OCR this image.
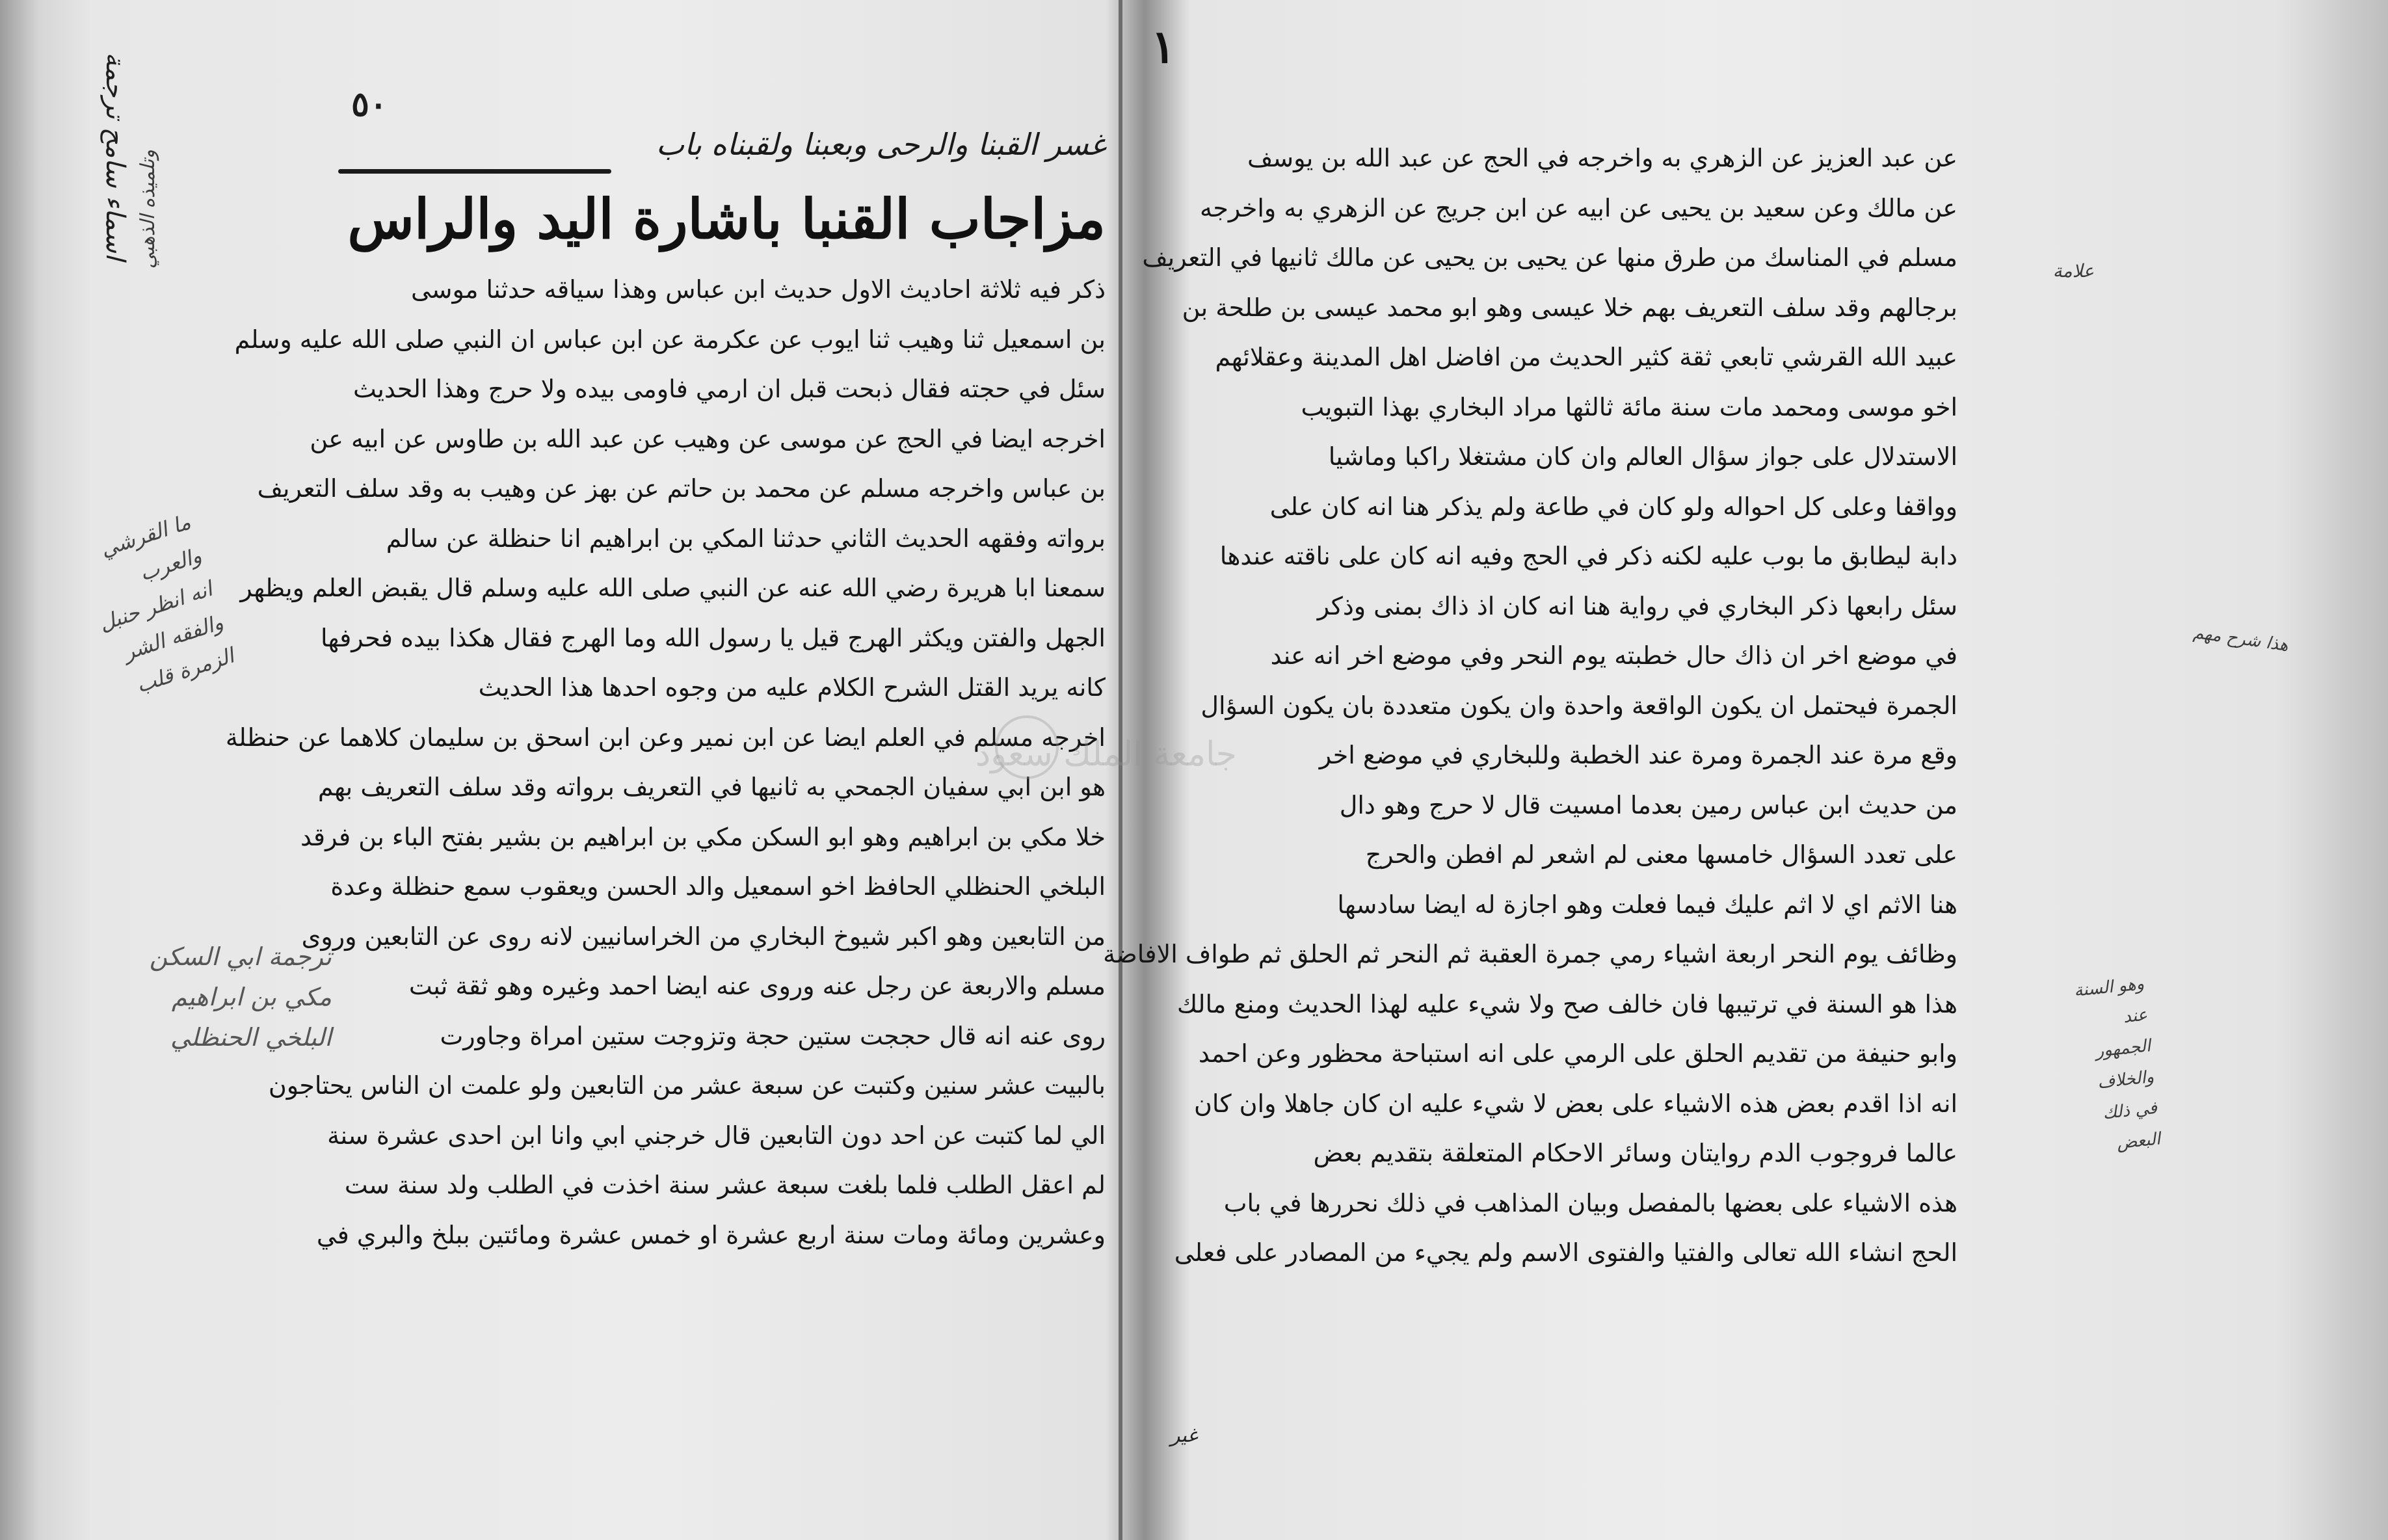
١
٥٠
غسر القبنا والرحى وبعبنا ولقبناه باب
مزاجاب القنبا باشارة اليد والراس
ذكر فيه ثلاثة احاديث الاول حديث ابن عباس وهذا سياقه حدثنا موسى
بن اسمعيل ثنا وهيب ثنا ايوب عن عكرمة عن ابن عباس ان النبي صلى الله عليه وسلم
سئل في حجته فقال ذبحت قبل ان ارمي فاومى بيده ولا حرج وهذا الحديث
اخرجه ايضا في الحج عن موسى عن وهيب عن عبد الله بن طاوس عن ابيه عن
بن عباس واخرجه مسلم عن محمد بن حاتم عن بهز عن وهيب به وقد سلف التعريف
برواته وفقهه الحديث الثاني حدثنا المكي بن ابراهيم انا حنظلة عن سالم
سمعنا ابا هريرة رضي الله عنه عن النبي صلى الله عليه وسلم قال يقبض العلم ويظهر
الجهل والفتن ويكثر الهرج قيل يا رسول الله وما الهرج فقال هكذا بيده فحرفها
كانه يريد القتل الشرح الكلام عليه من وجوه احدها هذا الحديث
اخرجه مسلم في العلم ايضا عن ابن نمير وعن ابن اسحق بن سليمان كلاهما عن حنظلة
هو ابن ابي سفيان الجمحي به ثانيها في التعريف برواته وقد سلف التعريف بهم
خلا مكي بن ابراهيم وهو ابو السكن مكي بن ابراهيم بن بشير بفتح الباء بن فرقد
البلخي الحنظلي الحافظ اخو اسمعيل والد الحسن ويعقوب سمع حنظلة وعدة
من التابعين وهو اكبر شيوخ البخاري من الخراسانيين لانه روى عن التابعين وروى
مسلم والاربعة عن رجل عنه وروى عنه ايضا احمد وغيره وهو ثقة ثبت
روى عنه انه قال حججت ستين حجة وتزوجت ستين امراة وجاورت
بالبيت عشر سنين وكتبت عن سبعة عشر من التابعين ولو علمت ان الناس يحتاجون
الي لما كتبت عن احد دون التابعين قال خرجني ابي وانا ابن احدى عشرة سنة
لم اعقل الطلب فلما بلغت سبعة عشر سنة اخذت في الطلب ولد سنة ست
وعشرين ومائة ومات سنة اربع عشرة او خمس عشرة ومائتين ببلخ والبري في
عن عبد العزيز عن الزهري به واخرجه في الحج عن عبد الله بن يوسف
عن مالك وعن سعيد بن يحيى عن ابيه عن ابن جريج عن الزهري به واخرجه
مسلم في المناسك من طرق منها عن يحيى بن يحيى عن مالك ثانيها في التعريف
برجالهم وقد سلف التعريف بهم خلا عيسى وهو ابو محمد عيسى بن طلحة بن
عبيد الله القرشي تابعي ثقة كثير الحديث من افاضل اهل المدينة وعقلائهم
اخو موسى ومحمد مات سنة مائة ثالثها مراد البخاري بهذا التبويب
الاستدلال على جواز سؤال العالم وان كان مشتغلا راكبا وماشيا
وواقفا وعلى كل احواله ولو كان في طاعة ولم يذكر هنا انه كان على
دابة ليطابق ما بوب عليه لكنه ذكر في الحج وفيه انه كان على ناقته عندها
سئل رابعها ذكر البخاري في رواية هنا انه كان اذ ذاك بمنى وذكر
في موضع اخر ان ذاك حال خطبته يوم النحر وفي موضع اخر انه عند
الجمرة فيحتمل ان يكون الواقعة واحدة وان يكون متعددة بان يكون السؤال
وقع مرة عند الجمرة ومرة عند الخطبة وللبخاري في موضع اخر
من حديث ابن عباس رمين بعدما امسيت قال لا حرج وهو دال
على تعدد السؤال خامسها معنى لم اشعر لم افطن والحرج
هنا الاثم اي لا اثم عليك فيما فعلت وهو اجازة له ايضا سادسها
وظائف يوم النحر اربعة اشياء رمي جمرة العقبة ثم النحر ثم الحلق ثم طواف الافاضة
هذا هو السنة في ترتيبها فان خالف صح ولا شيء عليه لهذا الحديث ومنع مالك
وابو حنيفة من تقديم الحلق على الرمي على انه استباحة محظور وعن احمد
انه اذا اقدم بعض هذه الاشياء على بعض لا شيء عليه ان كان جاهلا وان كان
عالما فروجوب الدم روايتان وسائر الاحكام المتعلقة بتقديم بعض
هذه الاشياء على بعضها بالمفصل وبيان المذاهب في ذلك نحررها في باب
الحج انشاء الله تعالى والفتيا والفتوى الاسم ولم يجيء من المصادر على فعلى
غير
جامعة الملك سعود
اسماء سامح ترجمة وتلميذه الذهبي
ما القرشي والعرب
انه انظر حنبل
والفقه الشر
الزمرة قلب
ترجمة ابي السكن
مكي بن ابراهيم
البلخي الحنظلي
علامة
هذا شرح مهم
وهو السنة
عند
الجمهور
والخلاف
في ذلك
البعض
